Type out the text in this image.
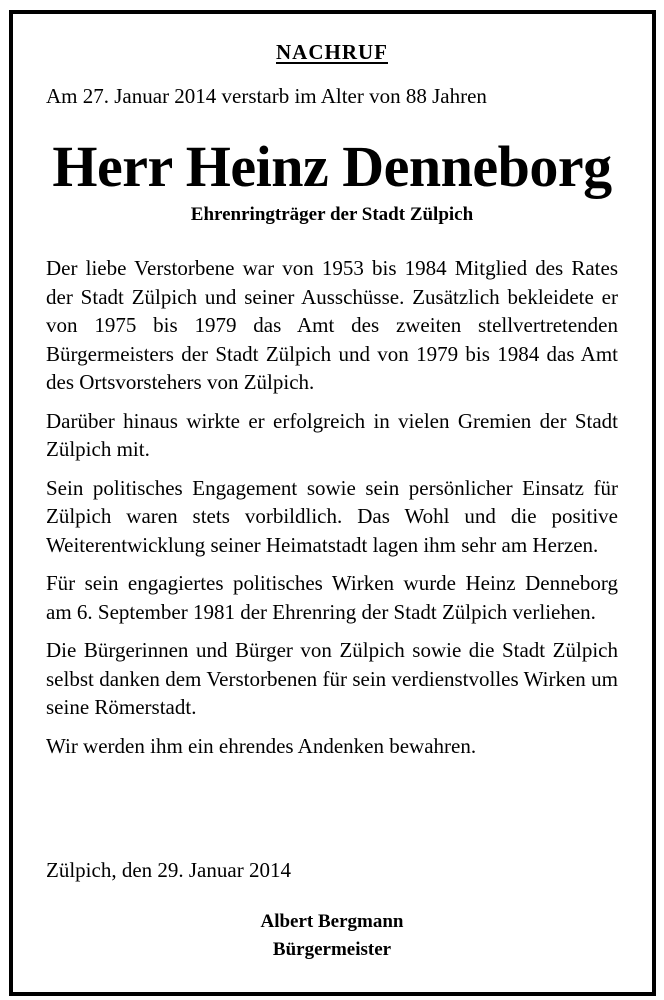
NACHRUF
Am 27. Januar 2014 verstarb im Alter von 88 Jahren
Herr Heinz Denneborg
Ehrenringträger der Stadt Zülpich

Der liebe Verstorbene war von 1953 bis 1984 Mitglied des Rates der Stadt Zülpich und seiner Ausschüsse. Zusätzlich bekleidete er von 1975 bis 1979 das Amt des zweiten stellvertretenden Bürgermeisters der Stadt Zülpich und von 1979 bis 1984 das Amt des Ortsvorstehers von Zülpich.

Darüber hinaus wirkte er erfolgreich in vielen Gremien der Stadt Zülpich mit.

Sein politisches Engagement sowie sein persönlicher Einsatz für Zülpich waren stets vorbildlich. Das Wohl und die positive Weiterentwicklung seiner Heimatstadt lagen ihm sehr am Herzen.

Für sein engagiertes politisches Wirken wurde Heinz Denneborg am 6. September 1981 der Ehrenring der Stadt Zülpich verliehen.

Die Bürgerinnen und Bürger von Zülpich sowie die Stadt Zülpich selbst danken dem Verstorbenen für sein verdienstvolles Wirken um seine Römerstadt.

Wir werden ihm ein ehrendes Andenken bewahren.

Zülpich, den 29. Januar 2014
Albert Bergmann
Bürgermeister
